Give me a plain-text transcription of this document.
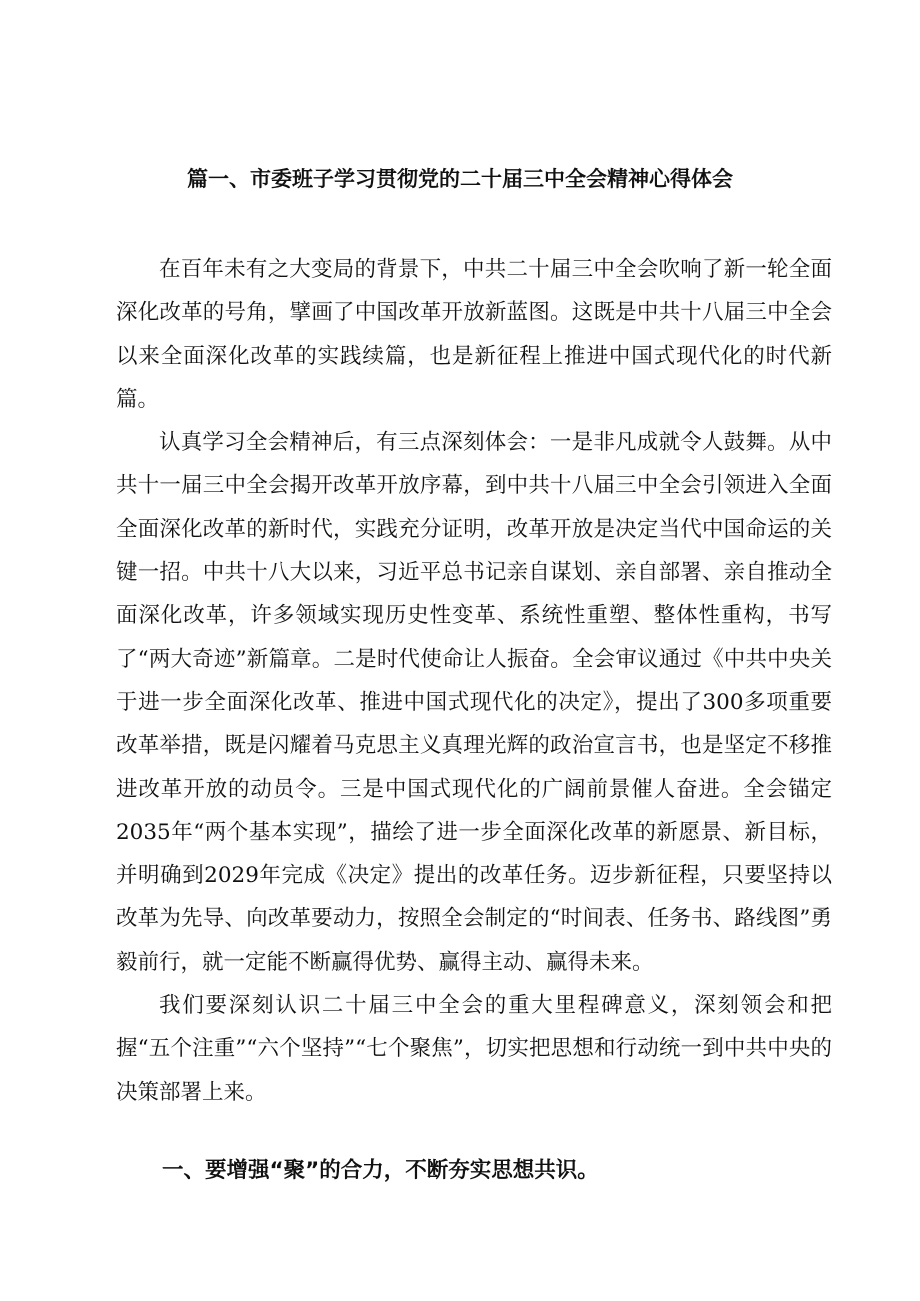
篇一、市委班子学习贯彻党的二十届三中全会精神心得体会

在百年未有之大变局的背景下，中共二十届三中全会吹响了新一轮全面深化改革的号角，擘画了中国改革开放新蓝图。这既是中共十八届三中全会以来全面深化改革的实践续篇，也是新征程上推进中国式现代化的时代新篇。

认真学习全会精神后，有三点深刻体会：一是非凡成就令人鼓舞。从中共十一届三中全会揭开改革开放序幕，到中共十八届三中全会引领进入全面全面深化改革的新时代，实践充分证明，改革开放是决定当代中国命运的关键一招。中共十八大以来，习近平总书记亲自谋划、亲自部署、亲自推动全面深化改革，许多领域实现历史性变革、系统性重塑、整体性重构，书写了“两大奇迹”新篇章。二是时代使命让人振奋。全会审议通过《中共中央关于进一步全面深化改革、推进中国式现代化的决定》，提出了300多项重要改革举措，既是闪耀着马克思主义真理光辉的政治宣言书，也是坚定不移推进改革开放的动员令。三是中国式现代化的广阔前景催人奋进。全会锚定2035年“两个基本实现”，描绘了进一步全面深化改革的新愿景、新目标，并明确到2029年完成《决定》提出的改革任务。迈步新征程，只要坚持以改革为先导、向改革要动力，按照全会制定的“时间表、任务书、路线图”勇毅前行，就一定能不断赢得优势、赢得主动、赢得未来。

我们要深刻认识二十届三中全会的重大里程碑意义，深刻领会和把握“五个注重”“六个坚持”“七个聚焦”，切实把思想和行动统一到中共中央的决策部署上来。

一、要增强“聚”的合力，不断夯实思想共识。
